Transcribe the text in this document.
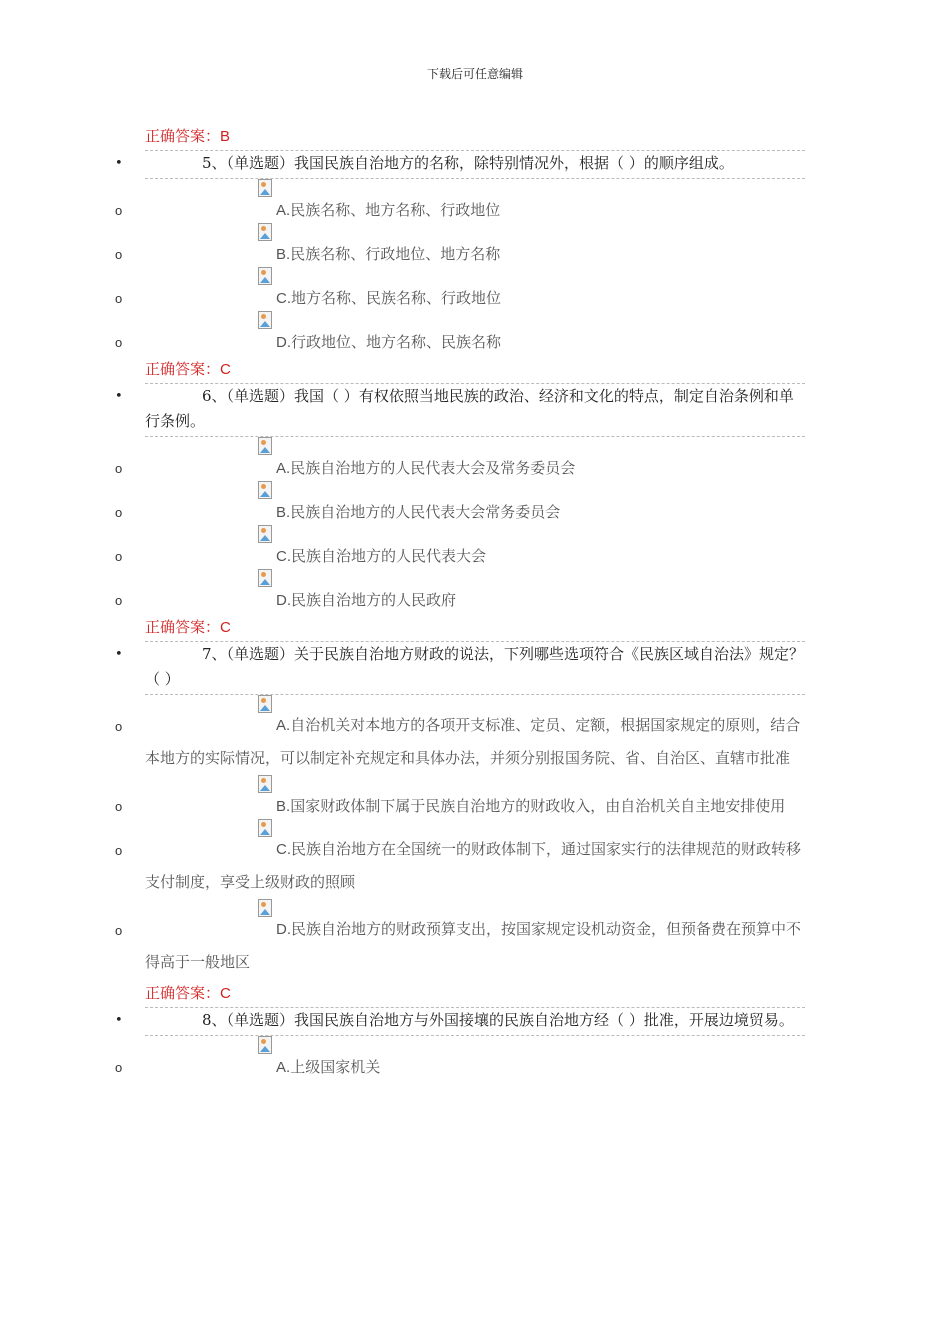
下载后可任意编辑
正确答案：B
•	5、（单选题）我国民族自治地方的名称，除特别情况外，根据（ ）的顺序组成。
A.民族名称、地方名称、行政地位
o
B.民族名称、行政地位、地方名称
o
C.地方名称、民族名称、行政地位
o
D.行政地位、地方名称、民族名称
o
正确答案：C
•	6、（单选题）我国（ ）有权依照当地民族的政治、经济和文化的特点，制定自治条例和单行条例。
A.民族自治地方的人民代表大会及常务委员会
o
B.民族自治地方的人民代表大会常务委员会
o
C.民族自治地方的人民代表大会
o
D.民族自治地方的人民政府
o
正确答案：C
•	7、（单选题）关于民族自治地方财政的说法，下列哪些选项符合《民族区域自治法》规定？（ ）
A.自治机关对本地方的各项开支标准、定员、定额，根据国家规定的原则，结合本地方的实际情况，可以制定补充规定和具体办法，并须分别报国务院、省、自治区、直辖市批准
o
B.国家财政体制下属于民族自治地方的财政收入，由自治机关自主地安排使用
o
C.民族自治地方在全国统一的财政体制下，通过国家实行的法律规范的财政转移支付制度，享受上级财政的照顾
o
D.民族自治地方的财政预算支出，按国家规定设机动资金，但预备费在预算中不得高于一般地区
o
正确答案：C
•	8、（单选题）我国民族自治地方与外国接壤的民族自治地方经（ ）批准，开展边境贸易。
A.上级国家机关
o
